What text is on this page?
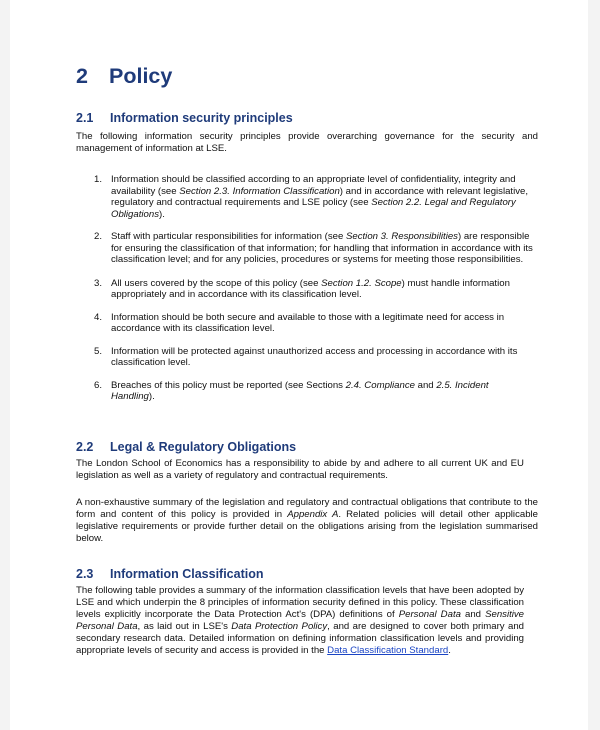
2 Policy
2.1 Information security principles

The following information security principles provide overarching governance for the security and management of information at LSE.

1. Information should be classified according to an appropriate level of confidentiality, integrity and availability (see Section 2.3. Information Classification) and in accordance with relevant legislative, regulatory and contractual requirements and LSE policy (see Section 2.2. Legal and Regulatory Obligations).
2. Staff with particular responsibilities for information (see Section 3. Responsibilities) are responsible for ensuring the classification of that information; for handling that information in accordance with its classification level; and for any policies, procedures or systems for meeting those responsibilities.
3. All users covered by the scope of this policy (see Section 1.2. Scope) must handle information appropriately and in accordance with its classification level.
4. Information should be both secure and available to those with a legitimate need for access in accordance with its classification level.
5. Information will be protected against unauthorized access and processing in accordance with its classification level.
6. Breaches of this policy must be reported (see Sections 2.4. Compliance and 2.5. Incident Handling).
2.2 Legal & Regulatory Obligations

The London School of Economics has a responsibility to abide by and adhere to all current UK and EU legislation as well as a variety of regulatory and contractual requirements.

A non-exhaustive summary of the legislation and regulatory and contractual obligations that contribute to the form and content of this policy is provided in Appendix A. Related policies will detail other applicable legislative requirements or provide further detail on the obligations arising from the legislation summarised below.

2.3 Information Classification

The following table provides a summary of the information classification levels that have been adopted by LSE and which underpin the 8 principles of information security defined in this policy. These classification levels explicitly incorporate the Data Protection Act's (DPA) definitions of Personal Data and Sensitive Personal Data, as laid out in LSE's Data Protection Policy, and are designed to cover both primary and secondary research data. Detailed information on defining information classification levels and providing appropriate levels of security and access is provided in the Data Classification Standard.
